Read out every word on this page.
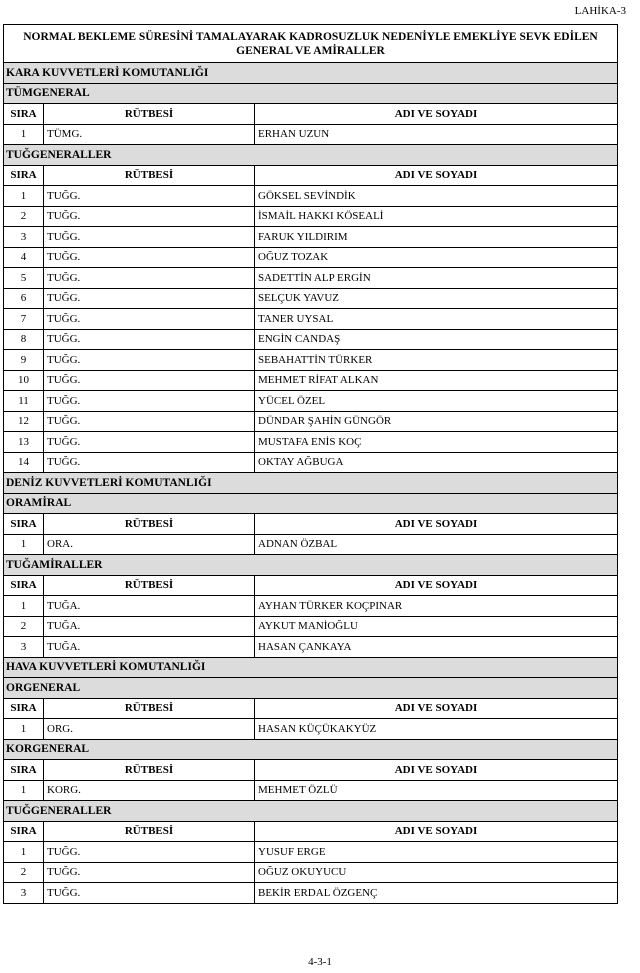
LAHİKA-3
NORMAL BEKLEME SÜRESİNİ TAMALAYARAK KADROSUZLUK NEDENİYLE EMEKLİYE SEVK EDİLEN
GENERAL VE AMİRALLER		
KARA KUVVETLERİ KOMUTANLIĞI		
TÜMGENERAL		
SIRA	RÜTBESİ	ADI VE SOYADI
1	TÜMG.	ERHAN UZUN
TUĞGENERALLER		
SIRA	RÜTBESİ	ADI VE SOYADI
1	TUĞG.	GÖKSEL SEVİNDİK
2	TUĞG.	İSMAİL HAKKI KÖSEALİ
3	TUĞG.	FARUK YILDIRIM
4	TUĞG.	OĞUZ TOZAK
5	TUĞG.	SADETTİN ALP ERGİN
6	TUĞG.	SELÇUK YAVUZ
7	TUĞG.	TANER UYSAL
8	TUĞG.	ENGİN CANDAŞ
9	TUĞG.	SEBAHATTİN TÜRKER
10	TUĞG.	MEHMET RİFAT ALKAN
11	TUĞG.	YÜCEL ÖZEL
12	TUĞG.	DÜNDAR ŞAHİN GÜNGÖR
13	TUĞG.	MUSTAFA ENİS KOÇ
14	TUĞG.	OKTAY AĞBUGA
DENİZ KUVVETLERİ KOMUTANLIĞI		
ORAMİRAL		
SIRA	RÜTBESİ	ADI VE SOYADI
1	ORA.	ADNAN ÖZBAL
TUĞAMİRALLER		
SIRA	RÜTBESİ	ADI VE SOYADI
1	TUĞA.	AYHAN TÜRKER KOÇPINAR
2	TUĞA.	AYKUT MANİOĞLU
3	TUĞA.	HASAN ÇANKAYA
HAVA KUVVETLERİ KOMUTANLIĞI		
ORGENERAL		
SIRA	RÜTBESİ	ADI VE SOYADI
1	ORG.	HASAN KÜÇÜKAKYÜZ
KORGENERAL		
SIRA	RÜTBESİ	ADI VE SOYADI
1	KORG.	MEHMET ÖZLÜ
TUĞGENERALLER		
SIRA	RÜTBESİ	ADI VE SOYADI
1	TUĞG.	YUSUF ERGE
2	TUĞG.	OĞUZ OKUYUCU
3	TUĞG.	BEKİR ERDAL ÖZGENÇ
4-3-1
